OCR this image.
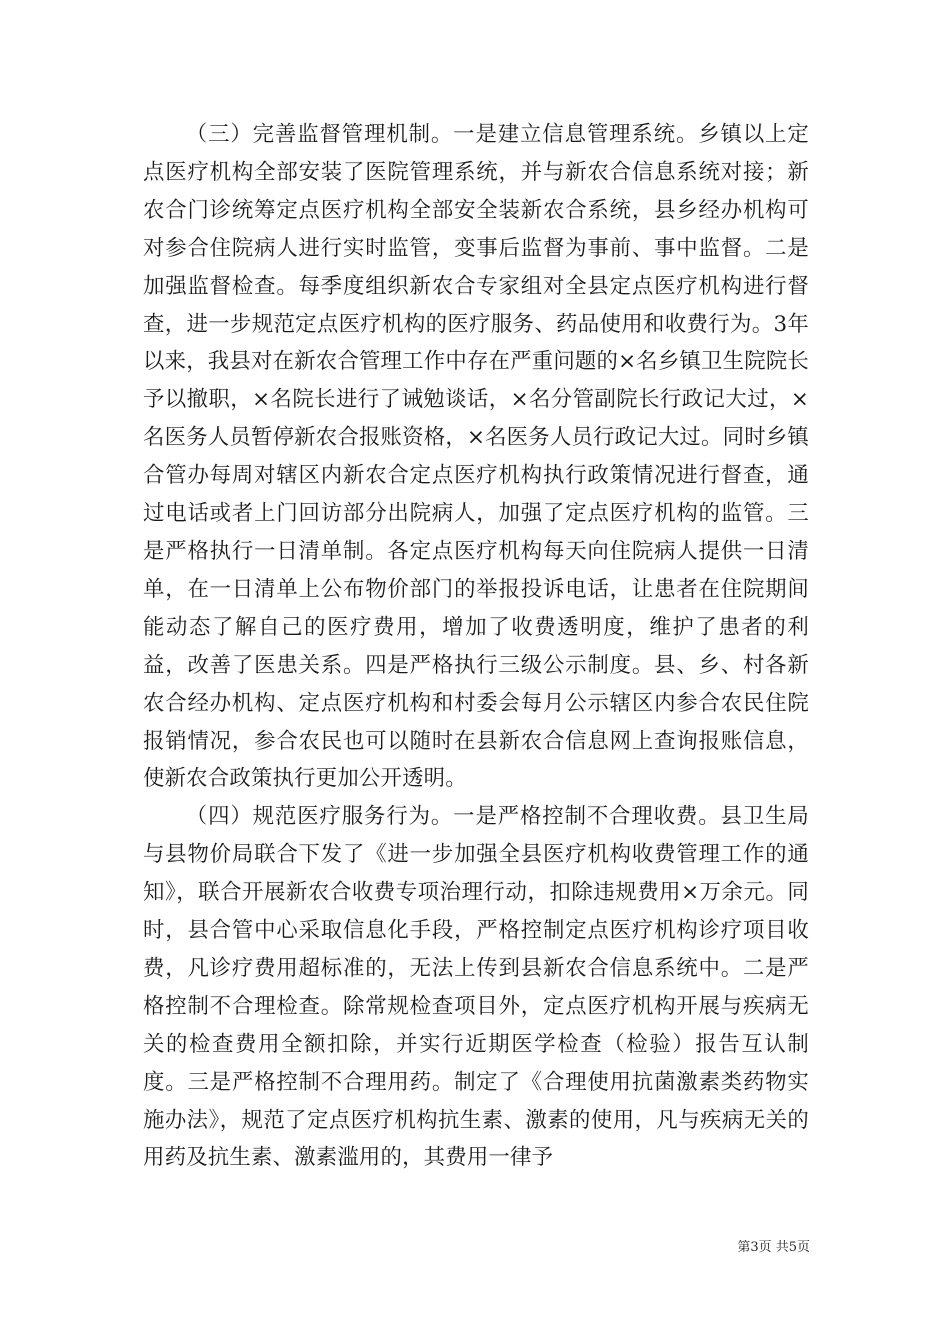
（三）完善监督管理机制。一是建立信息管理系统。乡镇以上定点医疗机构全部安装了医院管理系统，并与新农合信息系统对接；新农合门诊统筹定点医疗机构全部安全装新农合系统，县乡经办机构可对参合住院病人进行实时监管，变事后监督为事前、事中监督。二是加强监督检查。每季度组织新农合专家组对全县定点医疗机构进行督查，进一步规范定点医疗机构的医疗服务、药品使用和收费行为。3年以来，我县对在新农合管理工作中存在严重问题的×名乡镇卫生院院长予以撤职，×名院长进行了诫勉谈话，×名分管副院长行政记大过，×名医务人员暂停新农合报账资格，×名医务人员行政记大过。同时乡镇合管办每周对辖区内新农合定点医疗机构执行政策情况进行督查，通过电话或者上门回访部分出院病人，加强了定点医疗机构的监管。三是严格执行一日清单制。各定点医疗机构每天向住院病人提供一日清单，在一日清单上公布物价部门的举报投诉电话，让患者在住院期间能动态了解自己的医疗费用，增加了收费透明度，维护了患者的利益，改善了医患关系。四是严格执行三级公示制度。县、乡、村各新农合经办机构、定点医疗机构和村委会每月公示辖区内参合农民住院报销情况，参合农民也可以随时在县新农合信息网上查询报账信息，使新农合政策执行更加公开透明。

（四）规范医疗服务行为。一是严格控制不合理收费。县卫生局与县物价局联合下发了《进一步加强全县医疗机构收费管理工作的通知》，联合开展新农合收费专项治理行动，扣除违规费用×万余元。同时，县合管中心采取信息化手段，严格控制定点医疗机构诊疗项目收费，凡诊疗费用超标准的，无法上传到县新农合信息系统中。二是严格控制不合理检查。除常规检查项目外，定点医疗机构开展与疾病无关的检查费用全额扣除，并实行近期医学检查（检验）报告互认制度。三是严格控制不合理用药。制定了《合理使用抗菌激素类药物实施办法》，规范了定点医疗机构抗生素、激素的使用，凡与疾病无关的用药及抗生素、激素滥用的，其费用一律予

第3页 共5页
